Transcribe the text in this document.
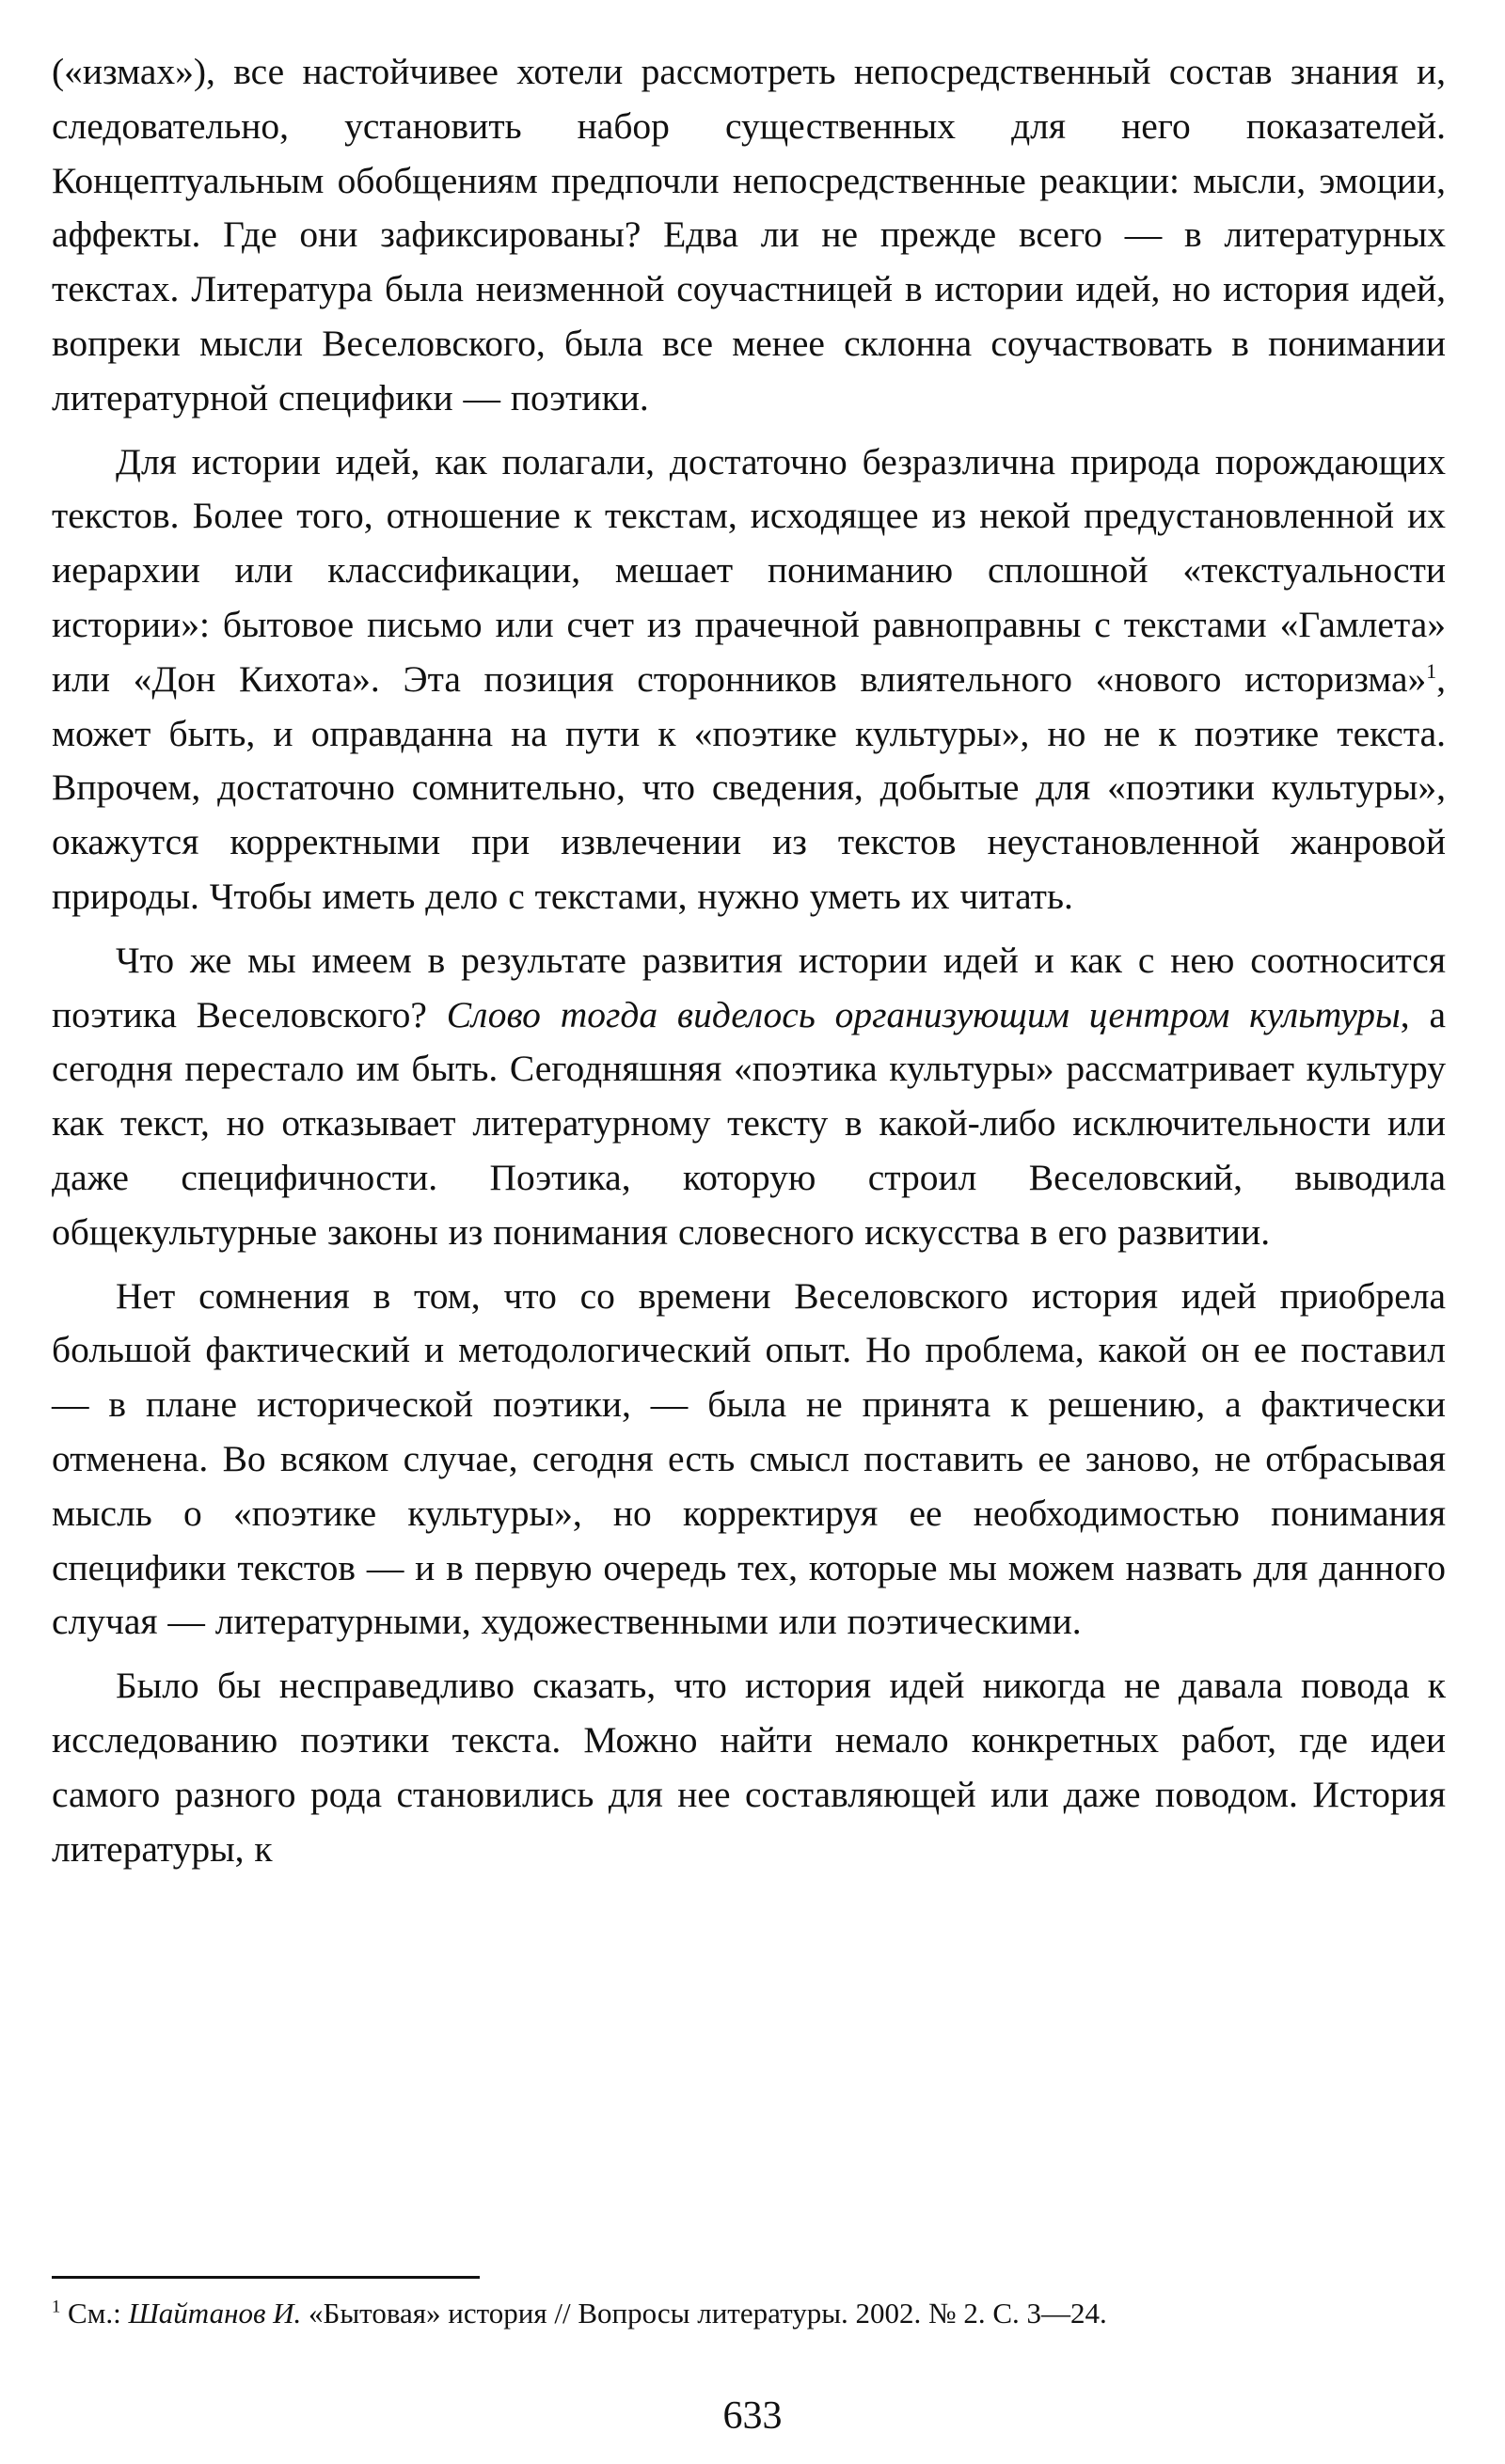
(«измах»), все настойчивее хотели рассмотреть непосредственный состав знания и, следовательно, установить набор существенных для него показателей. Концептуальным обобщениям предпочли непосредственные реакции: мысли, эмоции, аффекты. Где они зафиксированы? Едва ли не прежде всего — в литературных текстах. Литература была неизменной соучастницей в истории идей, но история идей, вопреки мысли Веселовского, была все менее склонна соучаствовать в понимании литературной специфики — поэтики.

Для истории идей, как полагали, достаточно безразлична природа порождающих текстов. Более того, отношение к текстам, исходящее из некой предустановленной их иерархии или классификации, мешает пониманию сплошной «текстуальности истории»: бытовое письмо или счет из прачечной равноправны с текстами «Гамлета» или «Дон Кихота». Эта позиция сторонников влиятельного «нового историзма»$^1$, может быть, и оправданна на пути к «поэтике культуры», но не к поэтике текста. Впрочем, достаточно сомнительно, что сведения, добытые для «поэтики культуры», окажутся корректными при извлечении из текстов неустановленной жанровой природы. Чтобы иметь дело с текстами, нужно уметь их читать.

Что же мы имеем в результате развития истории идей и как с нею соотносится поэтика Веселовского? Слово тогда виделось организующим центром культуры, а сегодня перестало им быть. Сегодняшняя «поэтика культуры» рассматривает культуру как текст, но отказывает литературному тексту в какой-либо исключительности или даже специфичности. Поэтика, которую строил Веселовский, выводила общекультурные законы из понимания словесного искусства в его развитии.

Нет сомнения в том, что со времени Веселовского история идей приобрела большой фактический и методологический опыт. Но проблема, какой он ее поставил — в плане исторической поэтики, — была не принята к решению, а фактически отменена. Во всяком случае, сегодня есть смысл поставить ее заново, не отбрасывая мысль о «поэтике культуры», но корректируя ее необходимостью понимания специфики текстов — и в первую очередь тех, которые мы можем назвать для данного случая — литературными, художественными или поэтическими.

Было бы несправедливо сказать, что история идей никогда не давала повода к исследованию поэтики текста. Можно найти немало конкретных работ, где идеи самого разного рода становились для нее составляющей или даже поводом. История литературы, к

$^1$ См.: Шайтанов И. «Бытовая» история // Вопросы литературы. 2002. № 2. С. 3—24.

633
